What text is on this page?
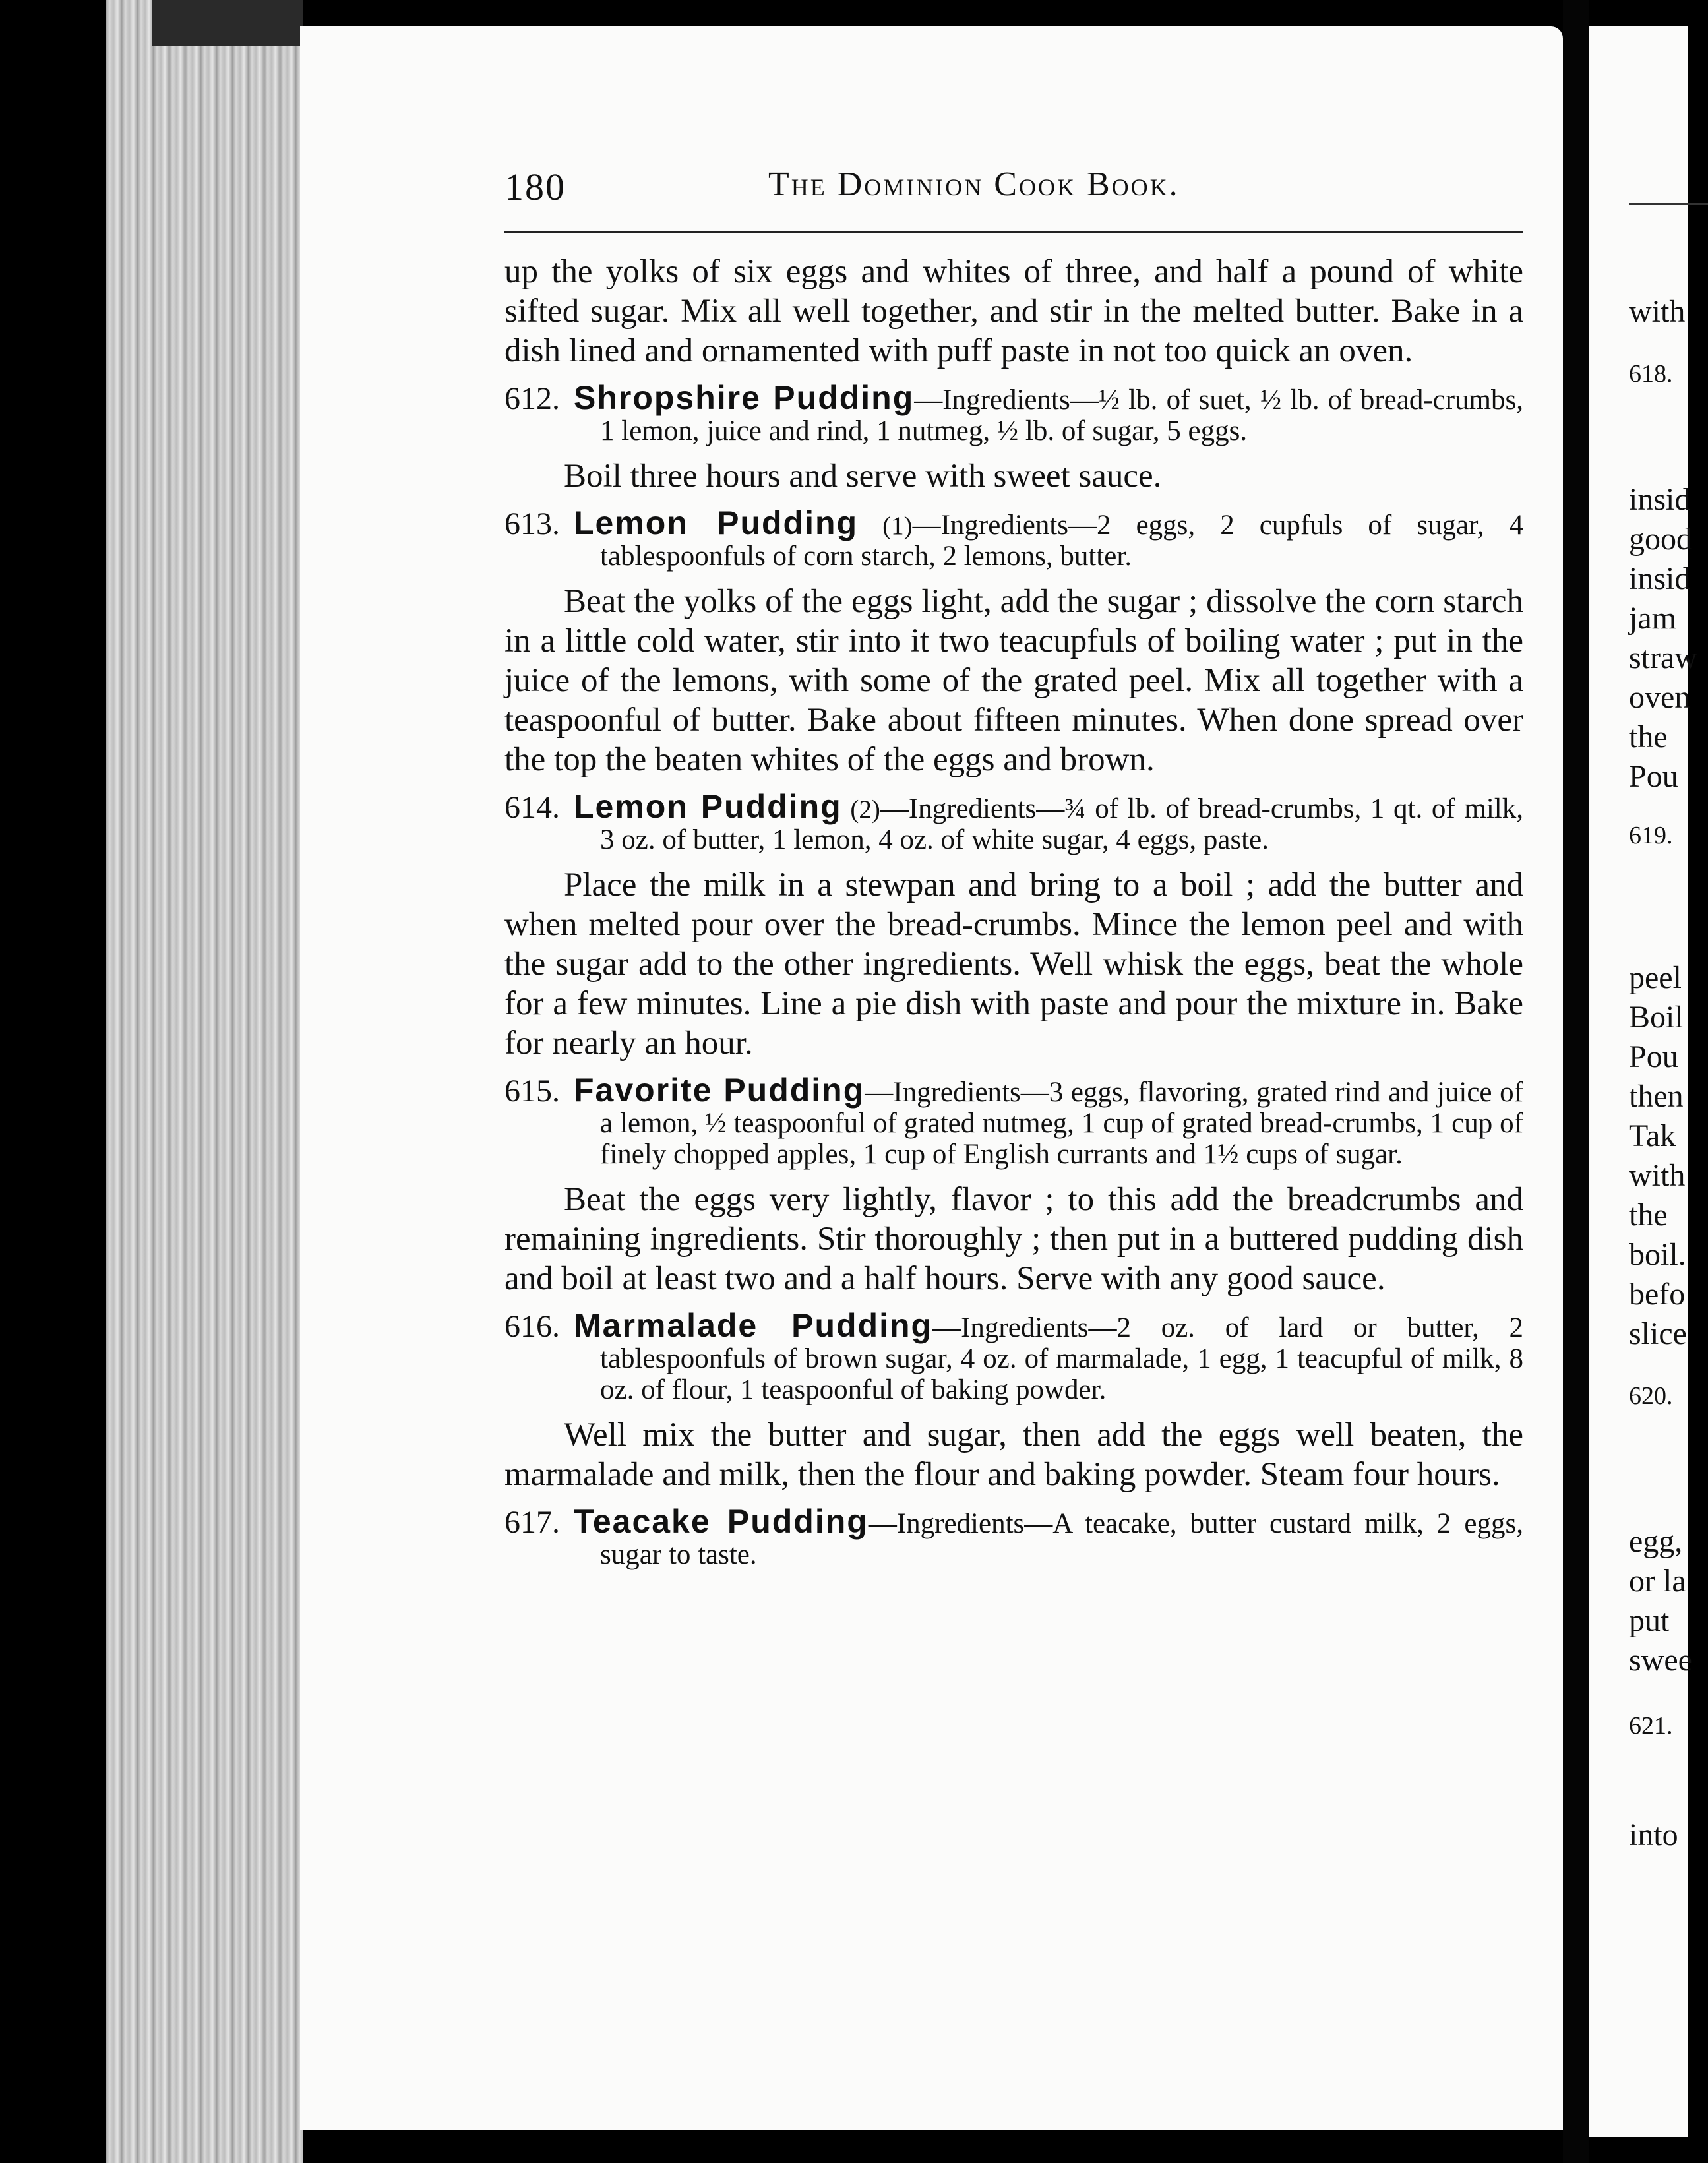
with
618.
insid
good
insid
jam
straw
oven
the
Pou
619.
peel
Boil
Pou
then
Tak
with
the
boil.
befo
slice
620.
egg,
or la
put
swee
621.
into
180	The Dominion Cook Book.

up the yolks of six eggs and whites of three, and half a pound of white sifted sugar. Mix all well together, and stir in the melted butter. Bake in a dish lined and ornamented with puff paste in not too quick an oven.

612. Shropshire Pudding—Ingredients—½ lb. of suet, ½ lb. of bread-crumbs, 1 lemon, juice and rind, 1 nutmeg, ½ lb. of sugar, 5 eggs.

Boil three hours and serve with sweet sauce.

613. Lemon Pudding (1)—Ingredients—2 eggs, 2 cupfuls of sugar, 4 tablespoonfuls of corn starch, 2 lemons, butter.

Beat the yolks of the eggs light, add the sugar ; dissolve the corn starch in a little cold water, stir into it two teacupfuls of boiling water ; put in the juice of the lemons, with some of the grated peel. Mix all together with a teaspoonful of butter. Bake about fifteen minutes. When done spread over the top the beaten whites of the eggs and brown.

614. Lemon Pudding (2)—Ingredients—¾ of lb. of bread-crumbs, 1 qt. of milk, 3 oz. of butter, 1 lemon, 4 oz. of white sugar, 4 eggs, paste.

Place the milk in a stewpan and bring to a boil ; add the butter and when melted pour over the bread-crumbs. Mince the lemon peel and with the sugar add to the other ingredients. Well whisk the eggs, beat the whole for a few minutes. Line a pie dish with paste and pour the mixture in. Bake for nearly an hour.

615. Favorite Pudding—Ingredients—3 eggs, flavoring, grated rind and juice of a lemon, ½ teaspoonful of grated nutmeg, 1 cup of grated bread-crumbs, 1 cup of finely chopped apples, 1 cup of English currants and 1½ cups of sugar.

Beat the eggs very lightly, flavor ; to this add the breadcrumbs and remaining ingredients. Stir thoroughly ; then put in a buttered pudding dish and boil at least two and a half hours. Serve with any good sauce.

616. Marmalade Pudding—Ingredients—2 oz. of lard or butter, 2 tablespoonfuls of brown sugar, 4 oz. of marmalade, 1 egg, 1 teacupful of milk, 8 oz. of flour, 1 teaspoonful of baking powder.

Well mix the butter and sugar, then add the eggs well beaten, the marmalade and milk, then the flour and baking powder. Steam four hours.

617. Teacake Pudding—Ingredients—A teacake, butter custard milk, 2 eggs, sugar to taste.
